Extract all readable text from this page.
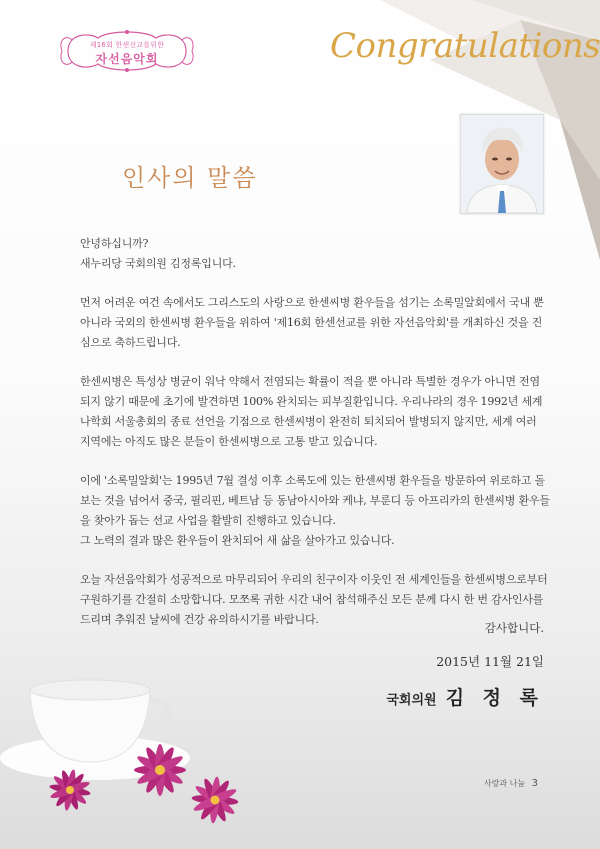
제16회 한센선교를위한
자선음악회	Congratulations
인사의 말씀

안녕하십니까?

새누리당 국회의원 김정록입니다.

먼저 어려운 여건 속에서도 그리스도의 사랑으로 한센씨병 환우들을 섬기는 소록밀알회에서 국내 뿐 아니라 국외의 한센씨병 환우들을 위하여 '제16회 한센선교를 위한 자선음악회'를 개최하신 것을 진심으로 축하드립니다.

한센씨병은 특성상 병균이 워낙 약해서 전염되는 확률이 적을 뿐 아니라 특별한 경우가 아니면 전염되지 않기 때문에 초기에 발견하면 100% 완치되는 피부질환입니다. 우리나라의 경우 1992년 세계나학회 서울총회의 종료 선언을 기점으로 한센씨병이 완전히 퇴치되어 발병되지 않지만, 세계 여러 지역에는 아직도 많은 분들이 한센씨병으로 고통 받고 있습니다.

이에 '소록밀알회'는 1995년 7월 결성 이후 소록도에 있는 한센씨병 환우들을 방문하여 위로하고 돌보는 것을 넘어서 중국, 필리핀, 베트남 등 동남아시아와 케냐, 부룬디 등 아프리카의 한센씨병 환우들을 찾아가 돕는 선교 사업을 활발히 진행하고 있습니다.

그 노력의 결과 많은 환우들이 완치되어 새 삶을 살아가고 있습니다.

오늘 자선음악회가 성공적으로 마무리되어 우리의 친구이자 이웃인 전 세계인들을 한센씨병으로부터 구원하기를 간절히 소망합니다. 모쪼록 귀한 시간 내어 참석해주신 모든 분께 다시 한 번 감사인사를 드리며 추워진 날씨에 건강 유의하시기를 바랍니다.

감사합니다.
2015년 11월 21일
국회의원 김 정 록
사랑과 나눔 3
